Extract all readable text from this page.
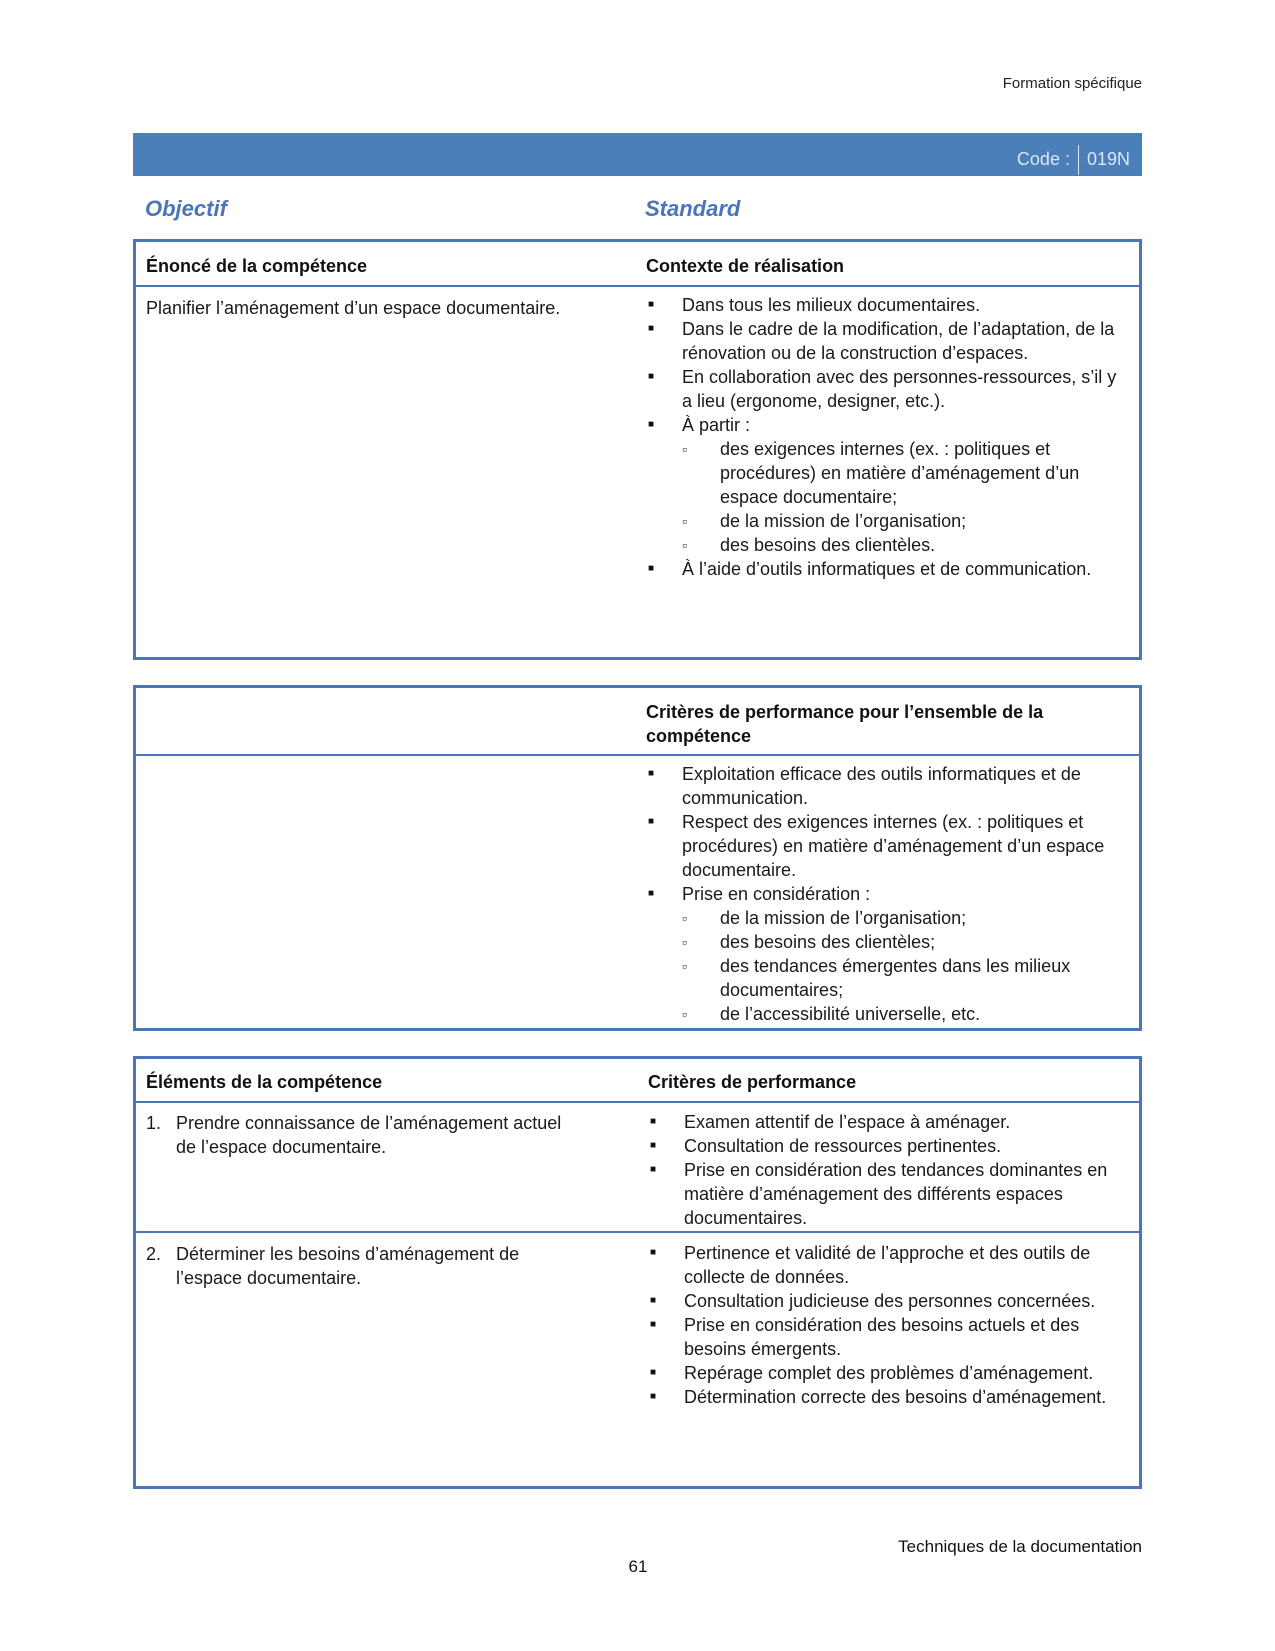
Formation spécifique
Code : 019N
Objectif	Standard
Énoncé de la compétence	Contexte de réalisation
Planifier l’aménagement d’un espace documentaire.
■	Dans tous les milieux documentaires.
■ Dans le cadre de la modification, de l’adaptation, de la rénovation ou de la construction d’espaces.
■ En collaboration avec des personnes-ressources, s’il y a lieu (ergonome, designer, etc.).
■ À partir :
▫ des exigences internes (ex. : politiques et procédures) en matière d’aménagement d’un espace documentaire;
▫ de la mission de l’organisation;
▫ des besoins des clientèles.
■ À l’aide d’outils informatiques et de communication.
Critères de performance pour l’ensemble de la compétence
■ Exploitation efficace des outils informatiques et de communication.
■ Respect des exigences internes (ex. : politiques et procédures) en matière d’aménagement d’un espace documentaire.
■ Prise en considération :
▫ de la mission de l’organisation;
▫ des besoins des clientèles;
▫ des tendances émergentes dans les milieux documentaires;
▫ de l’accessibilité universelle, etc.
Éléments de la compétence	Critères de performance
1. Prendre connaissance de l’aménagement actuel de l’espace documentaire.
■ Examen attentif de l’espace à aménager.
■ Consultation de ressources pertinentes.
■ Prise en considération des tendances dominantes en matière d’aménagement des différents espaces documentaires.
2. Déterminer les besoins d’aménagement de l’espace documentaire.
■ Pertinence et validité de l’approche et des outils de collecte de données.
■ Consultation judicieuse des personnes concernées.
■ Prise en considération des besoins actuels et des besoins émergents.
■ Repérage complet des problèmes d’aménagement.
■ Détermination correcte des besoins d’aménagement.
Techniques de la documentation
61
